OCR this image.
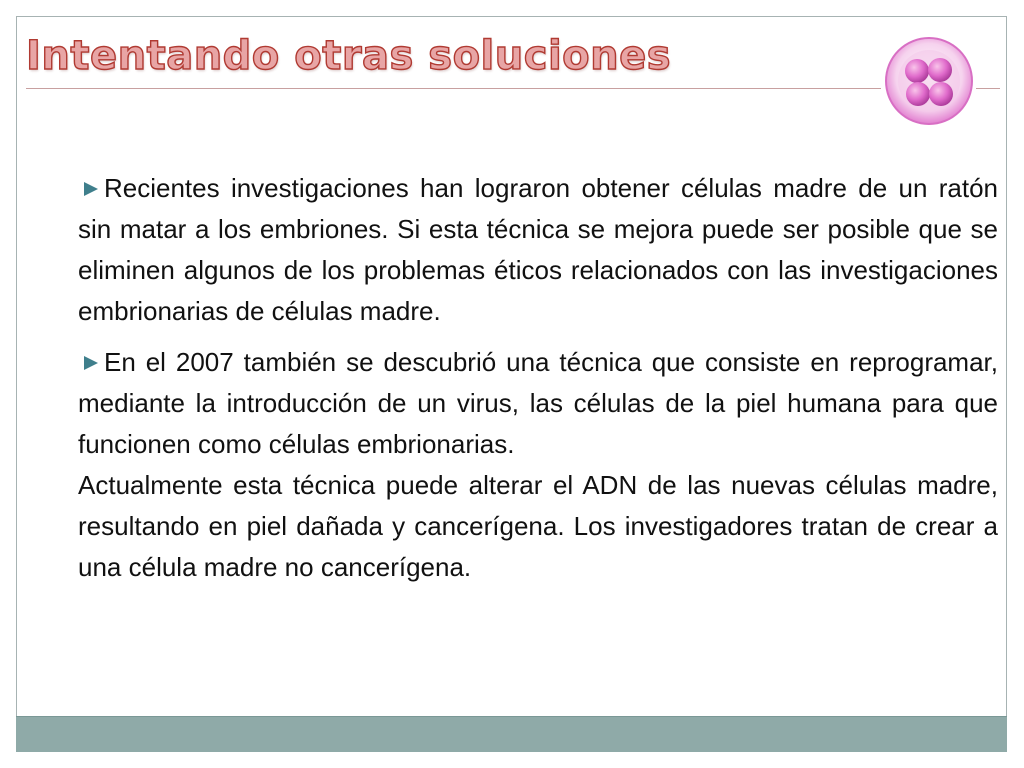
Intentando otras soluciones

Recientes investigaciones han lograron obtener células madre de un ratón sin matar a los embriones. Si esta técnica se mejora puede ser posible que se eliminen algunos de los problemas éticos relacionados con las investigaciones embrionarias de células madre.

En el 2007 también se descubrió una técnica que consiste en reprogramar, mediante la introducción de un virus, las células de la piel humana para que funcionen como células embrionarias.

Actualmente esta técnica puede alterar el ADN de las nuevas células madre, resultando en piel dañada y cancerígena. Los investigadores tratan de crear a una célula madre no cancerígena.
